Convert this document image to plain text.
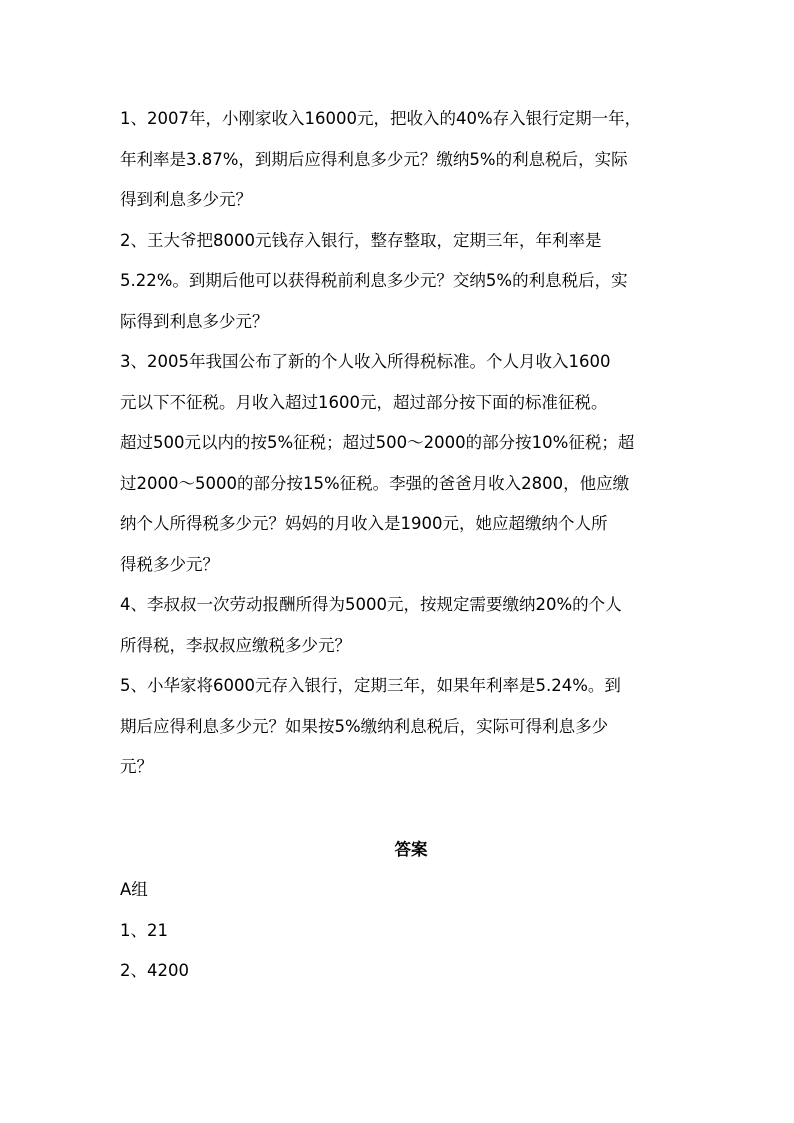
1、2007年，小刚家收入16000元，把收入的40%存入银行定期一年，
年利率是3.87%，到期后应得利息多少元？缴纳5%的利息税后，实际
得到利息多少元？
2、王大爷把8000元钱存入银行，整存整取，定期三年，年利率是
5.22%。到期后他可以获得税前利息多少元？交纳5%的利息税后，实
际得到利息多少元？
3、2005年我国公布了新的个人收入所得税标准。个人月收入1600
元以下不征税。月收入超过1600元，超过部分按下面的标准征税。
超过500元以内的按5%征税；超过500～2000的部分按10%征税；超
过2000～5000的部分按15%征税。李强的爸爸月收入2800，他应缴
纳个人所得税多少元？妈妈的月收入是1900元，她应超缴纳个人所
得税多少元？
4、李叔叔一次劳动报酬所得为5000元，按规定需要缴纳20%的个人
所得税，李叔叔应缴税多少元？
5、小华家将6000元存入银行，定期三年，如果年利率是5.24%。到
期后应得利息多少元？如果按5%缴纳利息税后，实际可得利息多少
元？
答案
A组
1、21
2、4200
